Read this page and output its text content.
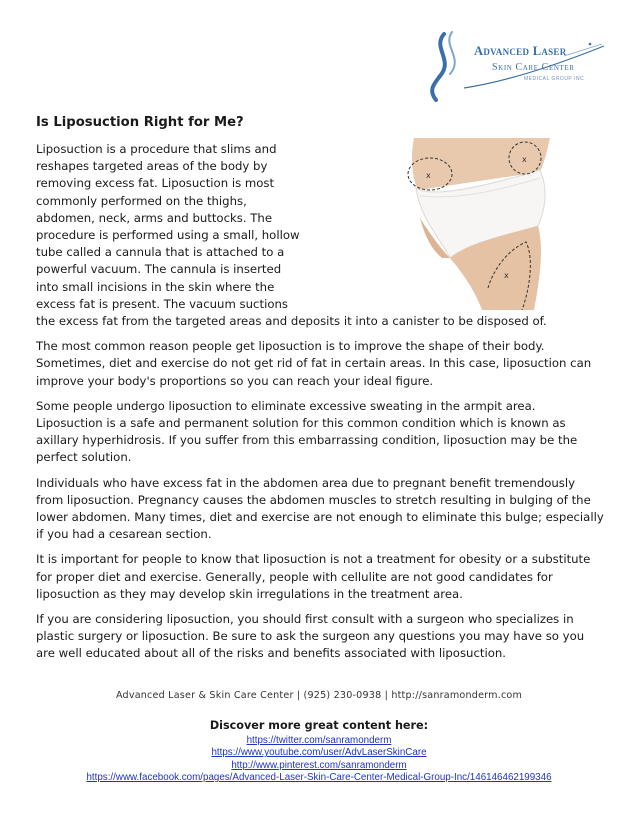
Advanced Laser
Skin Care Center
MEDICAL GROUP INC
x
x
x
Is Liposuction Right for Me?
Liposuction is a procedure that slims and
reshapes targeted areas of the body by
removing excess fat. Liposuction is most
commonly performed on the thighs,
abdomen, neck, arms and buttocks. The
procedure is performed using a small, hollow
tube called a cannula that is attached to a
powerful vacuum. The cannula is inserted
into small incisions in the skin where the
excess fat is present. The vacuum suctions

the excess fat from the targeted areas and deposits it into a canister to be disposed of.

The most common reason people get liposuction is to improve the shape of their body. Sometimes, diet and exercise do not get rid of fat in certain areas. In this case, liposuction can improve your body's proportions so you can reach your ideal figure.

Some people undergo liposuction to eliminate excessive sweating in the armpit area. Liposuction is a safe and permanent solution for this common condition which is known as axillary hyperhidrosis. If you suffer from this embarrassing condition, liposuction may be the perfect solution.

Individuals who have excess fat in the abdomen area due to pregnant benefit tremendously from liposuction. Pregnancy causes the abdomen muscles to stretch resulting in bulging of the lower abdomen. Many times, diet and exercise are not enough to eliminate this bulge; especially if you had a cesarean section.

It is important for people to know that liposuction is not a treatment for obesity or a substitute for proper diet and exercise. Generally, people with cellulite are not good candidates for liposuction as they may develop skin irregulations in the treatment area.

If you are considering liposuction, you should first consult with a surgeon who specializes in plastic surgery or liposuction. Be sure to ask the surgeon any questions you may have so you are well educated about all of the risks and benefits associated with liposuction.

Advanced Laser & Skin Care Center | (925) 230-0938 | http://sanramonderm.com
Discover more great content here:
https://twitter.com/sanramonderm
https://www.youtube.com/user/AdvLaserSkinCare
http://www.pinterest.com/sanramonderm
https://www.facebook.com/pages/Advanced-Laser-Skin-Care-Center-Medical-Group-Inc/146146462199346
